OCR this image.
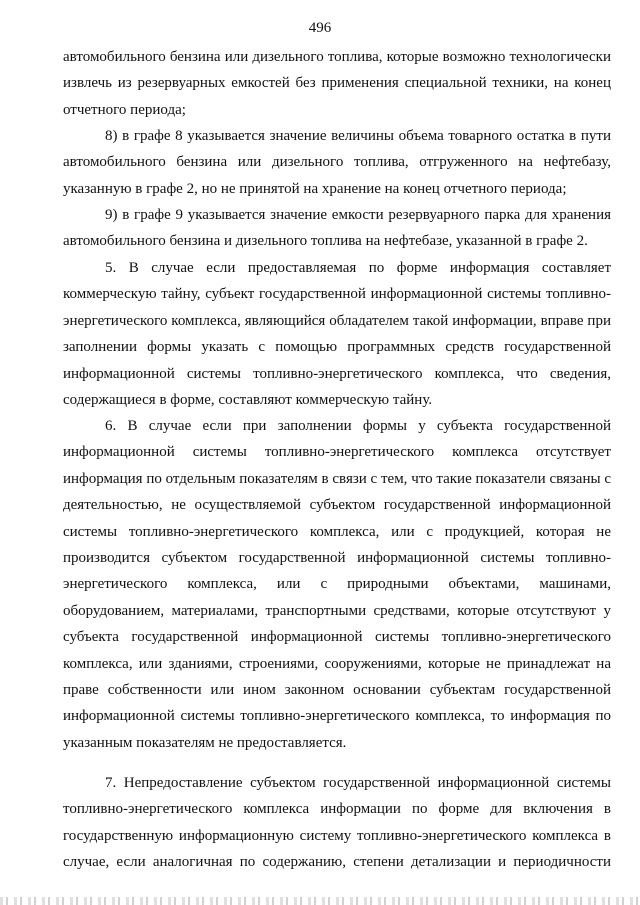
496
автомобильного бензина или дизельного топлива, которые возможно технологически
извлечь из резервуарных емкостей без применения специальной техники, на конец
отчетного периода;
8) в графе 8 указывается значение величины объема товарного остатка в пути
автомобильного бензина или дизельного топлива, отгруженного на нефтебазу,
указанную в графе 2, но не принятой на хранение на конец отчетного периода;
9) в графе 9 указывается значение емкости резервуарного парка для хранения
автомобильного бензина и дизельного топлива на нефтебазе, указанной в графе 2.
5. В случае если предоставляемая по форме информация составляет
коммерческую тайну, субъект государственной информационной системы топливно-
энергетического комплекса, являющийся обладателем такой информации, вправе при
заполнении формы указать с помощью программных средств государственной
информационной системы топливно-энергетического комплекса, что сведения,
содержащиеся в форме, составляют коммерческую тайну.
6. В случае если при заполнении формы у субъекта государственной
информационной системы топливно-энергетического комплекса отсутствует
информация по отдельным показателям в связи с тем, что такие показатели связаны с
деятельностью, не осуществляемой субъектом государственной информационной
системы топливно-энергетического комплекса, или с продукцией, которая не
производится субъектом государственной информационной системы топливно-
энергетического комплекса, или с природными объектами, машинами,
оборудованием, материалами, транспортными средствами, которые отсутствуют у
субъекта государственной информационной системы топливно-энергетического
комплекса, или зданиями, строениями, сооружениями, которые не принадлежат на
праве собственности или ином законном основании субъектам государственной
информационной системы топливно-энергетического комплекса, то информация по
указанным показателям не предоставляется.
7. Непредоставление субъектом государственной информационной системы
топливно-энергетического комплекса информации по форме для включения в
государственную информационную систему топливно-энергетического комплекса в
случае, если аналогичная по содержанию, степени детализации и периодичности
